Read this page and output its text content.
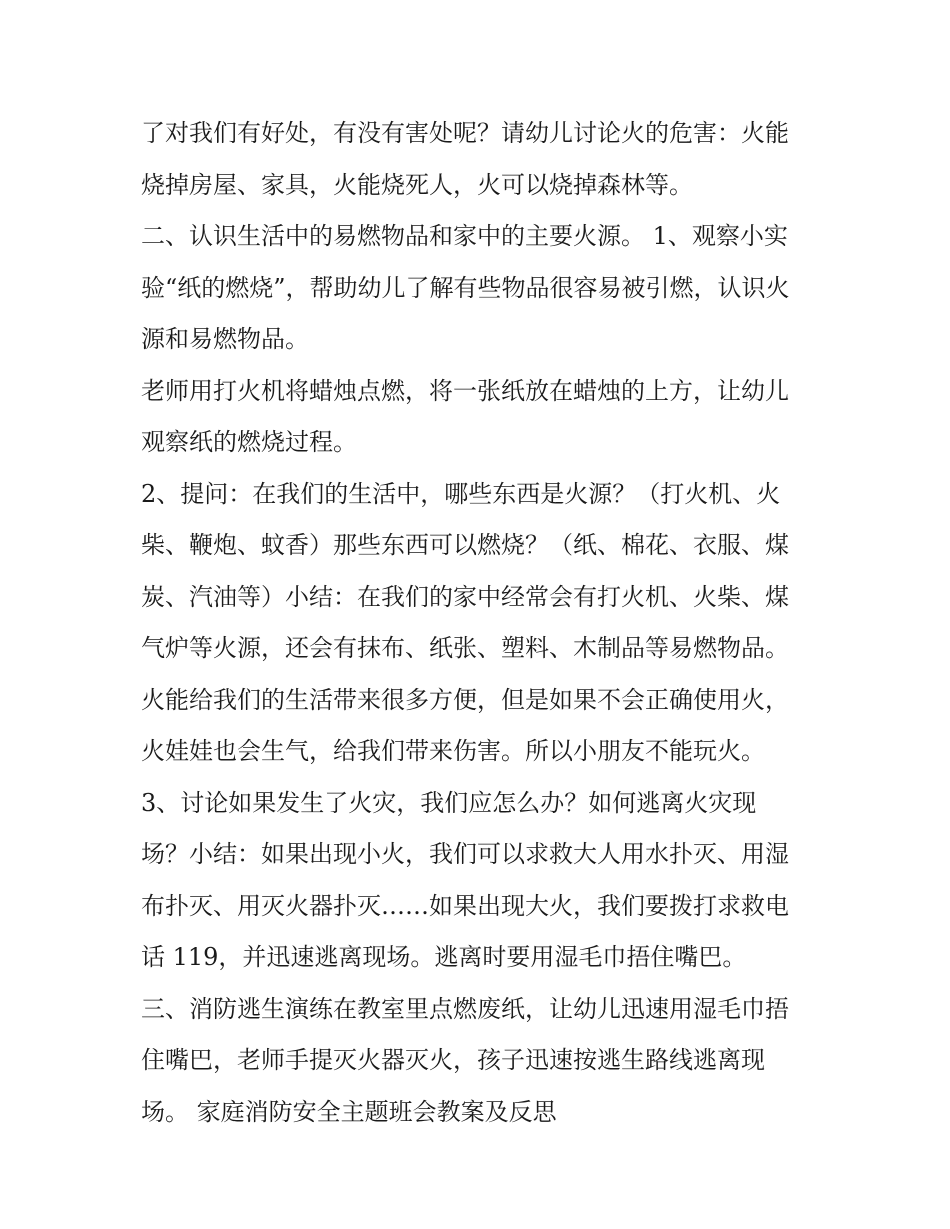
了对我们有好处，有没有害处呢？请幼儿讨论火的危害：火能
烧掉房屋、家具，火能烧死人，火可以烧掉森林等。
二、认识生活中的易燃物品和家中的主要火源。 1、观察小实
验“纸的燃烧”，帮助幼儿了解有些物品很容易被引燃，认识火
源和易燃物品。
老师用打火机将蜡烛点燃，将一张纸放在蜡烛的上方，让幼儿
观察纸的燃烧过程。
2、提问：在我们的生活中，哪些东西是火源？（打火机、火
柴、鞭炮、蚊香）那些东西可以燃烧？（纸、棉花、衣服、煤
炭、汽油等）小结：在我们的家中经常会有打火机、火柴、煤
气炉等火源，还会有抹布、纸张、塑料、木制品等易燃物品。
火能给我们的生活带来很多方便，但是如果不会正确使用火，
火娃娃也会生气，给我们带来伤害。所以小朋友不能玩火。
3、讨论如果发生了火灾，我们应怎么办？如何逃离火灾现
场？小结：如果出现小火，我们可以求救大人用水扑灭、用湿
布扑灭、用灭火器扑灭……如果出现大火，我们要拨打求救电
话 119，并迅速逃离现场。逃离时要用湿毛巾捂住嘴巴。
三、消防逃生演练在教室里点燃废纸，让幼儿迅速用湿毛巾捂
住嘴巴，老师手提灭火器灭火，孩子迅速按逃生路线逃离现
场。 家庭消防安全主题班会教案及反思
